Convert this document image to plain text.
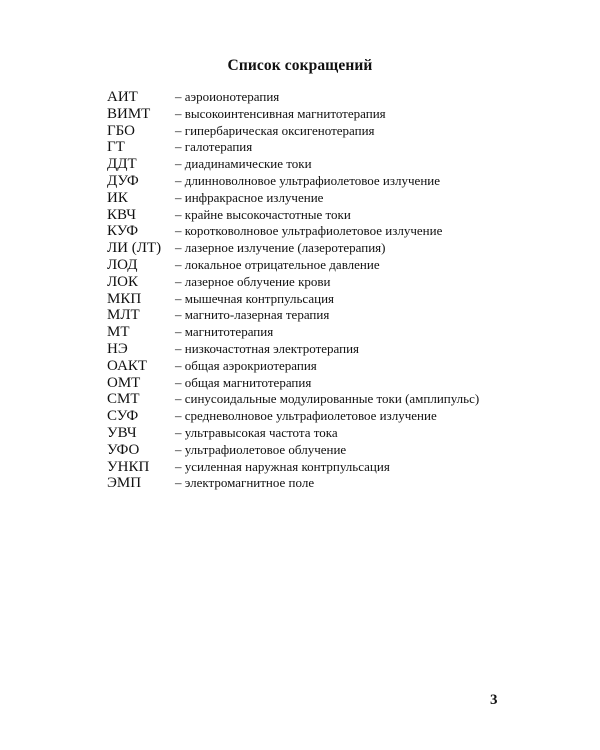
Список сокращений
АИТ	– аэроионотерапия
ВИМТ	– высокоинтенсивная магнитотерапия
ГБО	– гипербарическая оксигенотерапия
ГТ	– галотерапия
ДДТ	– диадинамические токи
ДУФ	– длинноволновое ультрафиолетовое излучение
ИК	– инфракрасное излучение
КВЧ	– крайне высокочастотные токи
КУФ	– коротковолновое ультрафиолетовое излучение
ЛИ (ЛТ)	– лазерное излучение (лазеротерапия)
ЛОД	– локальное отрицательное давление
ЛОК	– лазерное облучение крови
МКП	– мышечная контрпульсация
МЛТ	– магнито-лазерная терапия
МТ	– магнитотерапия
НЭ	– низкочастотная электротерапия
ОАКТ	– общая аэрокриотерапия
ОМТ	– общая магнитотерапия
СМТ	– синусоидальные модулированные токи (амплипульс)
СУФ	– средневолновое ультрафиолетовое излучение
УВЧ	– ультравысокая частота тока
УФО	– ультрафиолетовое облучение
УНКП	– усиленная наружная контрпульсация
ЭМП	– электромагнитное поле
3
